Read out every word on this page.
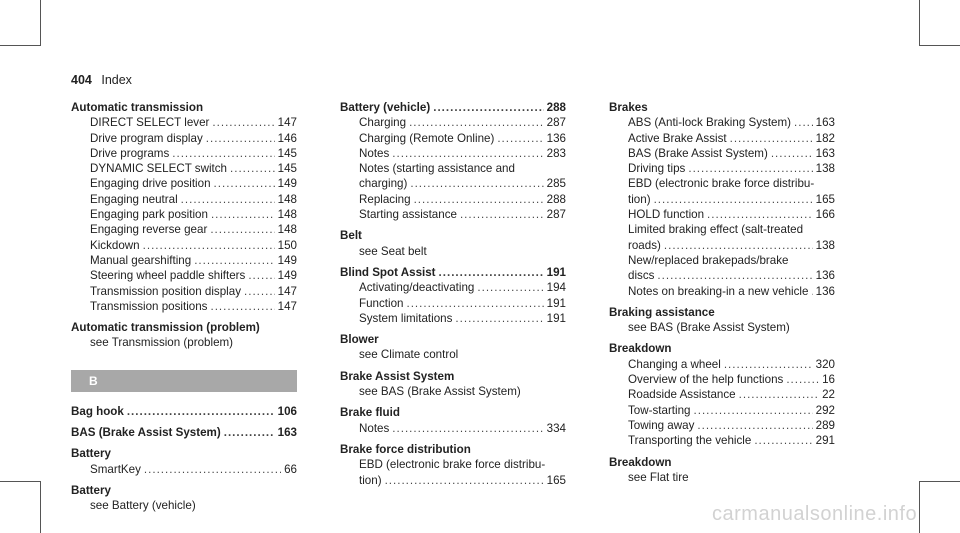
404 Index
Automatic transmission
DIRECT SELECT lever .....	147
Drive program display .....	146
Drive programs .....	145
DYNAMIC SELECT switch .....	145
Engaging drive position .....	149
Engaging neutral .....	148
Engaging park position .....	148
Engaging reverse gear .....	148
Kickdown .....	150
Manual gearshifting .....	149
Steering wheel paddle shifters .....	149
Transmission position display .....	147
Transmission positions .....	147
Automatic transmission (problem)
see Transmission (problem)
B
Bag hook .....	106
BAS (Brake Assist System) .....	163
Battery
SmartKey .....	66
Battery
see Battery (vehicle)
Battery (vehicle) .....	288
Charging .....	287
Charging (Remote Online) .....	136
Notes .....	283
Notes (starting assistance and
charging) .....	285
Replacing .....	288
Starting assistance .....	287
Belt
see Seat belt
Blind Spot Assist .....	191
Activating/deactivating .....	194
Function .....	191
System limitations .....	191
Blower
see Climate control
Brake Assist System
see BAS (Brake Assist System)
Brake fluid
Notes .....	334
Brake force distribution
EBD (electronic brake force distribu-
tion) .....	165
Brakes
ABS (Anti-lock Braking System) ..... 163
Active Brake Assist .....	182
BAS (Brake Assist System) .....	163
Driving tips .....	138
EBD (electronic brake force distribu-
tion) .....	165
HOLD function .....	166
Limited braking effect (salt-treated
roads) .....	138
New/replaced brakepads/brake
discs .....	136
Notes on breaking-in a new vehicle ..... 136
Braking assistance
see BAS (Brake Assist System)
Breakdown
Changing a wheel .....	320
Overview of the help functions .....	16
Roadside Assistance .....	22
Tow-starting .....	292
Towing away .....	289
Transporting the vehicle .....	291
Breakdown
see Flat tire
carmanualsonline.info
